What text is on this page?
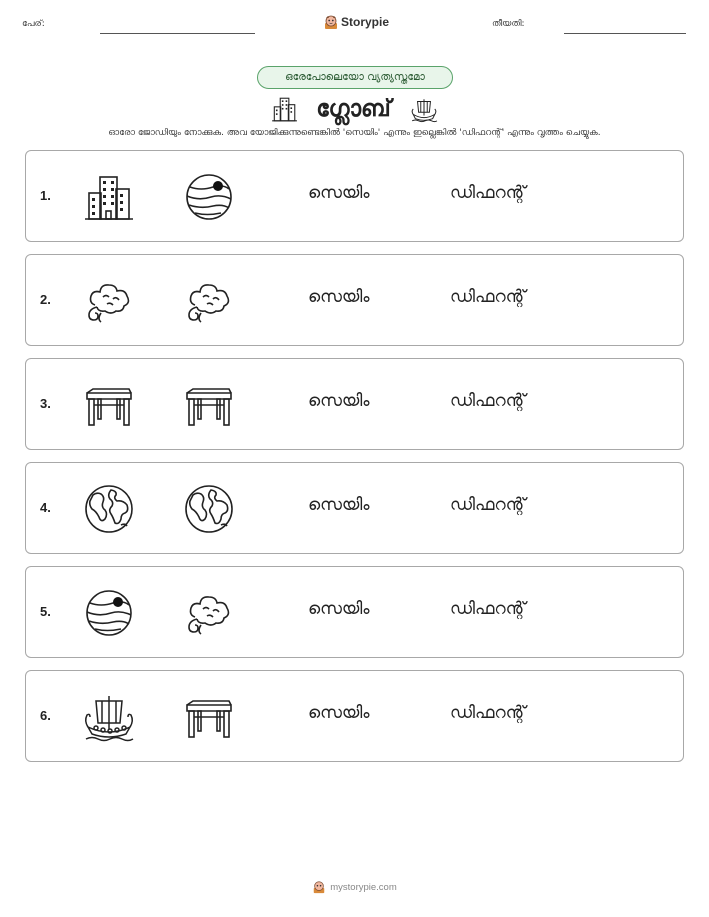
പേര്:	Storypie	തീയതി:
ഒരേപോലെയോ വ്യത്യസ്തമോ
ഗ്ലോബ്
ഓരോ ജോഡിയും നോക്കുക. അവ യോജിക്കുന്നുണ്ടെങ്കിൽ 'സെയിം' എന്നും ഇല്ലെങ്കിൽ 'ഡിഫറന്റ്' എന്നും വൃത്തം ചെയ്യുക.
1.	സെയിം	ഡിഫറന്റ്
2.	സെയിം	ഡിഫറന്റ്
3.	സെയിം	ഡിഫറന്റ്
4.	സെയിം	ഡിഫറന്റ്
5.	സെയിം	ഡിഫറന്റ്
6.	സെയിം	ഡിഫറന്റ്
mystorypie.com
